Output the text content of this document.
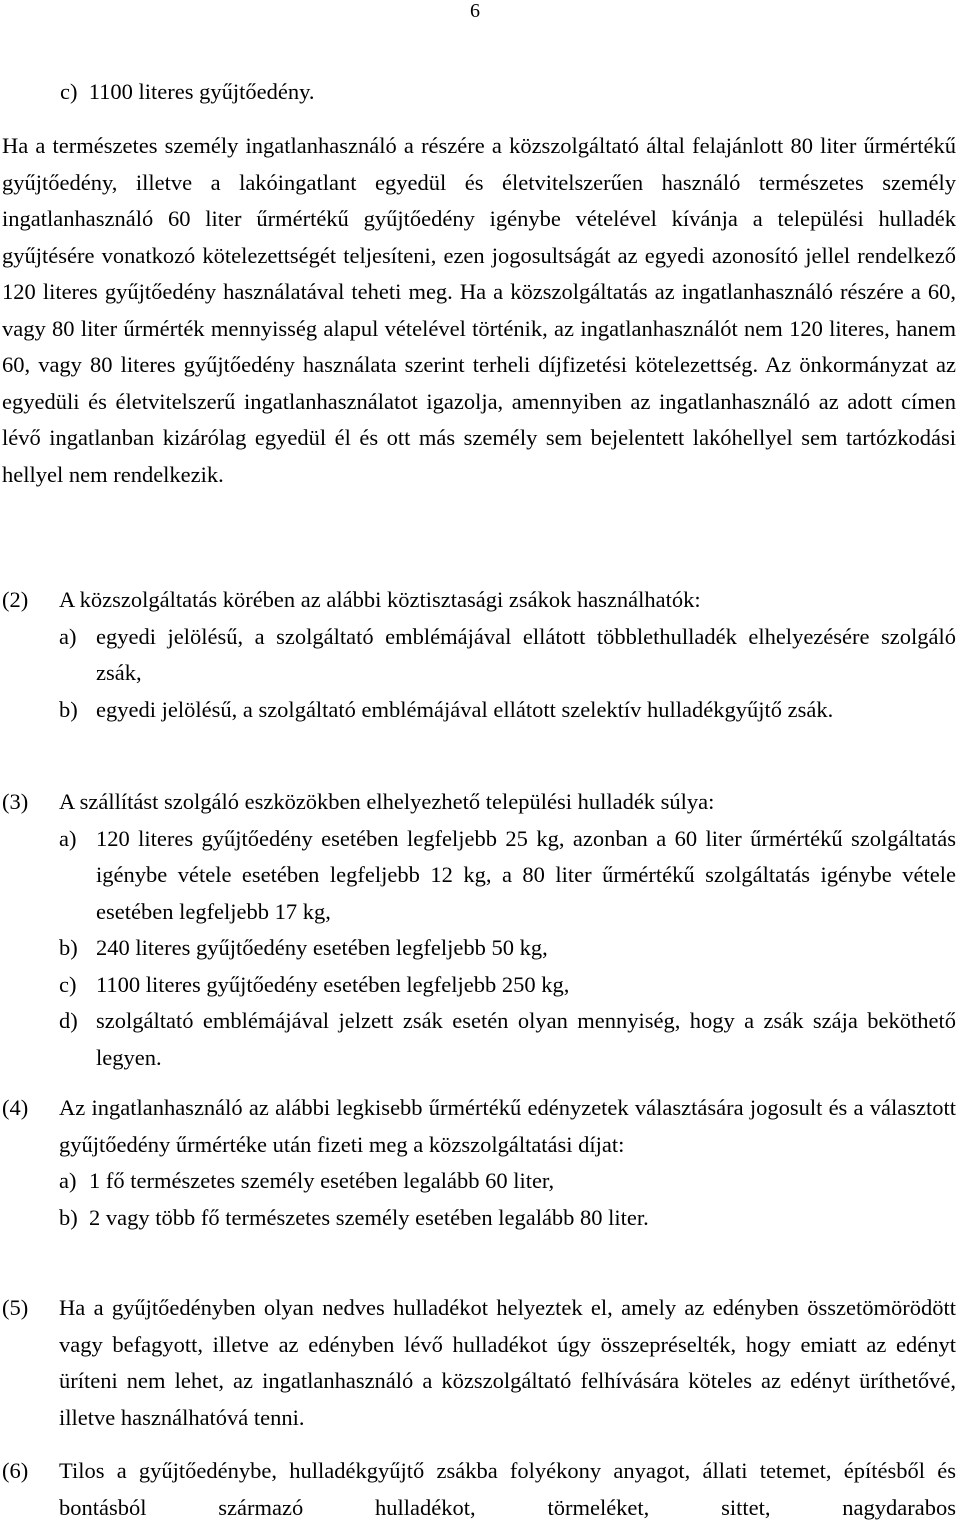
6
c)  1100 literes gyűjtőedény.
Ha a természetes személy ingatlanhasználó a részére a közszolgáltató által felajánlott 80 liter űrmértékű gyűjtőedény, illetve a lakóingatlant egyedül és életvitelszerűen használó természetes személy ingatlanhasználó 60 liter űrmértékű gyűjtőedény igénybe vételével kívánja a települési hulladék gyűjtésére vonatkozó kötelezettségét teljesíteni, ezen jogosultságát az egyedi azonosító jellel rendelkező 120 literes gyűjtőedény használatával teheti meg. Ha a közszolgáltatás az ingatlanhasználó részére a 60, vagy 80 liter űrmérték mennyisség alapul vételével történik, az ingatlanhasználót nem 120 literes, hanem 60, vagy 80 literes gyűjtőedény használata szerint terheli díjfizetési kötelezettség. Az önkormányzat az egyedüli és életvitelszerű ingatlanhasználatot igazolja, amennyiben az ingatlanhasználó az adott címen lévő ingatlanban kizárólag egyedül él és ott más személy sem bejelentett lakóhellyel sem tartózkodási hellyel nem rendelkezik.
(2)	A közszolgáltatás körében az alábbi köztisztasági zsákok használhatók:
a) egyedi jelölésű, a szolgáltató emblémájával ellátott többlethulladék elhelyezésére szolgáló zsák,
b) egyedi jelölésű, a szolgáltató emblémájával ellátott szelektív hulladékgyűjtő zsák.
(3)	A szállítást szolgáló eszközökben elhelyezhető települési hulladék súlya:
a) 120 literes gyűjtőedény esetében legfeljebb 25 kg, azonban a 60 liter űrmértékű szolgáltatás igénybe vétele esetében legfeljebb 12 kg, a 80 liter űrmértékű szolgáltatás igénybe vétele esetében legfeljebb 17 kg,
b) 240 literes gyűjtőedény esetében legfeljebb 50 kg,
c) 1100 literes gyűjtőedény esetében legfeljebb 250 kg,
d) szolgáltató emblémájával jelzett zsák esetén olyan mennyiség, hogy a zsák szája beköthető legyen.
(4)	Az ingatlanhasználó az alábbi legkisebb űrmértékű edényzetek választására jogosult és a választott gyűjtőedény űrmértéke után fizeti meg a közszolgáltatási díjat:
a) 1 fő természetes személy esetében legalább 60 liter,
b) 2 vagy több fő természetes személy esetében legalább 80 liter.
(5)	Ha a gyűjtőedényben olyan nedves hulladékot helyeztek el, amely az edényben összetömörödött vagy befagyott, illetve az edényben lévő hulladékot úgy összepréselték, hogy emiatt az edényt üríteni nem lehet, az ingatlanhasználó a közszolgáltató felhívására köteles az edényt üríthetővé, illetve használhatóvá tenni.
(6)	Tilos a gyűjtőedénybe, hulladékgyűjtő zsákba folyékony anyagot, állati tetemet, építésből és bontásból származó hulladékot, törmeléket, sittet, nagydarabos
